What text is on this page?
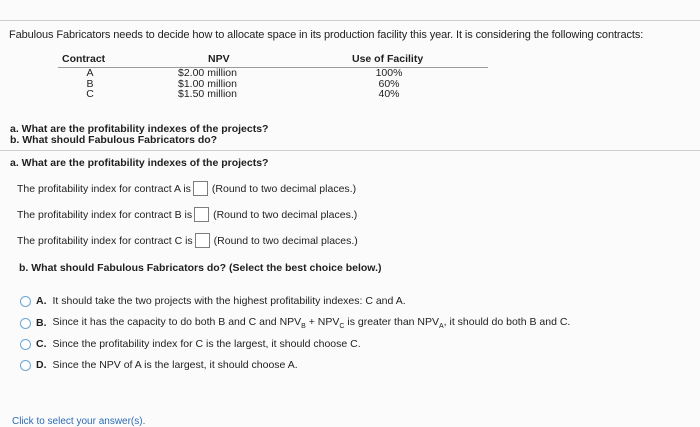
Fabulous Fabricators needs to decide how to allocate space in its production facility this year. It is considering the following contracts:
Contract	NPV	Use of Facility
A	$2.00 million	100%
B	$1.00 million	60%
C	$1.50 million	40%
a. What are the profitability indexes of the projects?
b. What should Fabulous Fabricators do?
a. What are the profitability indexes of the projects?
The profitability index for contract A is (Round to two decimal places.)
The profitability index for contract B is (Round to two decimal places.)
The profitability index for contract C is (Round to two decimal places.)
b. What should Fabulous Fabricators do? (Select the best choice below.)
A. It should take the two projects with the highest profitability indexes: C and A.
B. Since it has the capacity to do both B and C and $NPV_B + NPV_C$ is greater than $NPV_A$, it should do both B and C.
C. Since the profitability index for C is the largest, it should choose C.
D. Since the NPV of A is the largest, it should choose A.
Click to select your answer(s).
